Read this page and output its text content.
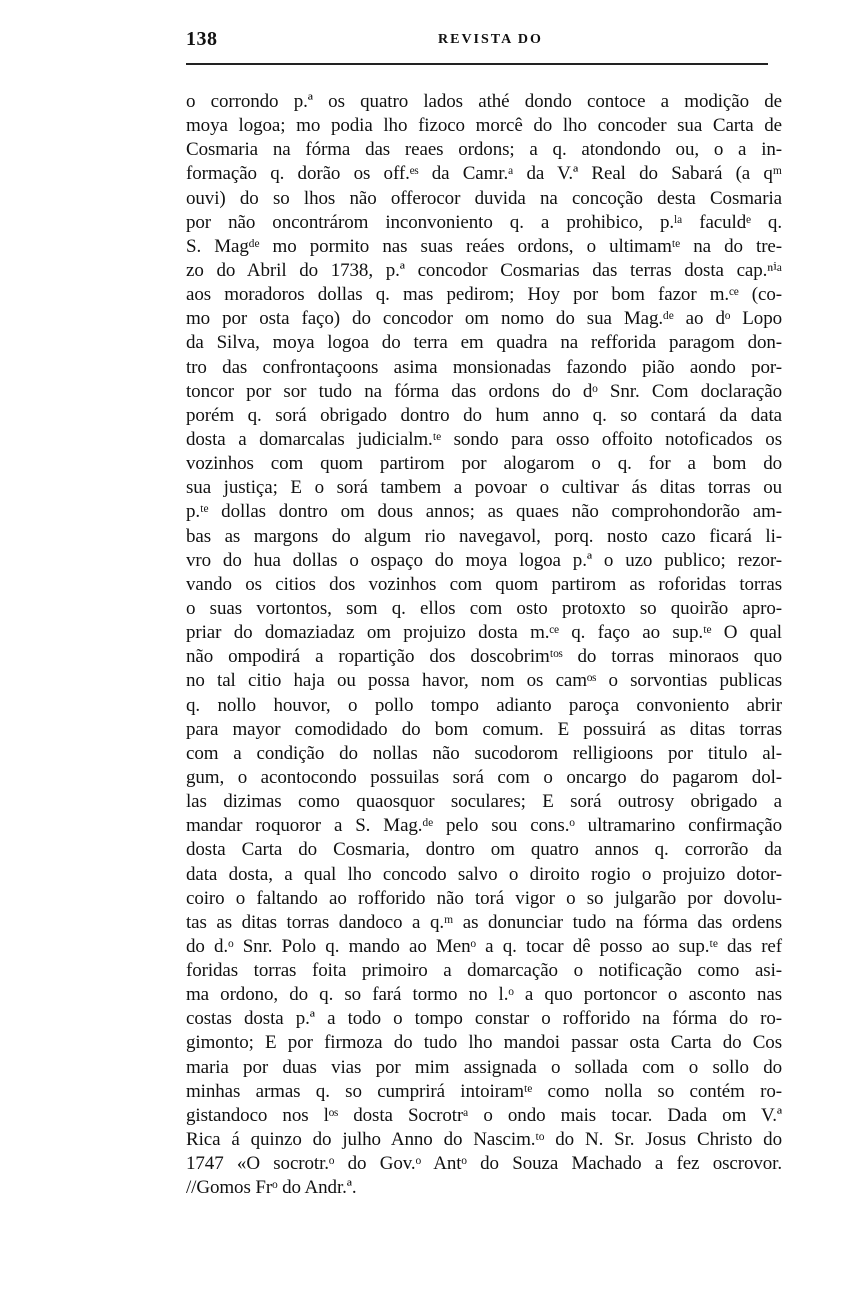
138	REVISTA DO
o corrondo p.ª os quatro lados athé dondo contoce a modição de
moya logoa; mo podia lho fizoco morcê do lho concoder sua Carta de
Cosmaria na fórma das reaes ordons; a q. atondondo ou, o a in-
formação q. dorão os off.ᵉˢ da Camr.ᵃ da V.ª Real do Sabará (a qᵐ
ouvi) do so lhos não offerocor duvida na concoção desta Cosmaria
por não oncontrárom inconvoniento q. a prohibico, p.ˡᵃ faculdᵉ q.
S. Magᵈᵉ mo pormito nas suas reáes ordons, o ultimamᵗᵉ na do tre-
zo do Abril do 1738, p.ª concodor Cosmarias das terras dosta cap.ⁿⁱᵃ
aos moradoros dollas q. mas pedirom; Hoy por bom fazor m.ᶜᵉ (co-
mo por osta faço) do concodor om nomo do sua Mag.ᵈᵉ ao dᵒ Lopo
da Silva, moya logoa do terra em quadra na refforida paragom don-
tro das confrontaçoons asima monsionadas fazondo pião aondo por-
toncor por sor tudo na fórma das ordons do dᵒ Snr. Com doclaração
porém q. sorá obrigado dontro do hum anno q. so contará da data
dosta a domarcalas judicialm.ᵗᵉ sondo para osso offoito notoficados os
vozinhos com quom partirom por alogarom o q. for a bom do
sua justiça; E o sorá tambem a povoar o cultivar ás ditas torras ou
p.ᵗᵉ dollas dontro om dous annos; as quaes não comprohondorão am-
bas as margons do algum rio navegavol, porq. nosto cazo ficará li-
vro do hua dollas o ospaço do moya logoa p.ª o uzo publico; rezor-
vando os citios dos vozinhos com quom partirom as roforidas torras
o suas vortontos, som q. ellos com osto protoxto so quoirão apro-
priar do domaziadaz om projuizo dosta m.ᶜᵉ q. faço ao sup.ᵗᵉ O qual
não ompodirá a ropartição dos doscobrimᵗᵒˢ do torras minoraos quo
no tal citio haja ou possa havor, nom os camᵒˢ o sorvontias publicas
q. nollo houvor, o pollo tompo adianto paroça convoniento abrir
para mayor comodidado do bom comum. E possuirá as ditas torras
com a condição do nollas não sucodorom relligioons por titulo al-
gum, o acontocondo possuilas sorá com o oncargo do pagarom dol-
las dizimas como quaosquor soculares; E sorá outrosy obrigado a
mandar roquoror a S. Mag.ᵈᵉ pelo sou cons.ᵒ ultramarino confirmação
dosta Carta do Cosmaria, dontro om quatro annos q. corrorão da
data dosta, a qual lho concodo salvo o diroito rogio o projuizo dotor-
coiro o faltando ao rofforido não torá vigor o so julgarão por dovolu-
tas as ditas torras dandoco a q.ᵐ as donunciar tudo na fórma das ordens
do d.ᵒ Snr. Polo q. mando ao Menᵒ a q. tocar dê posso ao sup.ᵗᵉ das ref
foridas torras foita primoiro a domarcação o notificação como asi-
ma ordono, do q. so fará tormo no l.ᵒ a quo portoncor o asconto nas
costas dosta p.ª a todo o tompo constar o rofforido na fórma do ro-
gimonto; E por firmoza do tudo lho mandoi passar osta Carta do Cos
maria por duas vias por mim assignada o sollada com o sollo do
minhas armas q. so cumprirá intoiramᵗᵉ como nolla so contém ro-
gistandoco nos lᵒˢ dosta Socrotrᵃ o ondo mais tocar. Dada om V.ª
Rica á quinzo do julho Anno do Nascim.ᵗᵒ do N. Sr. Josus Christo do
1747 «O socrotr.ᵒ do Gov.ᵒ Antᵒ do Souza Machado a fez oscrovor.
//Gomos Frᵒ do Andr.ª.
